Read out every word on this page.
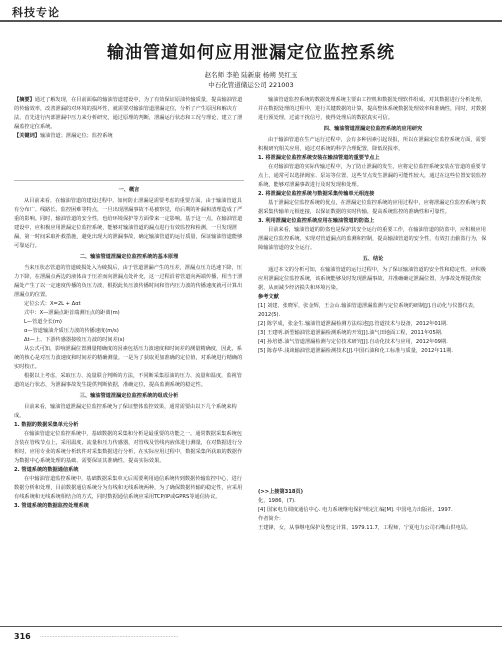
科技专论
输油管道如何应用泄漏定位监控系统
赵名师 李艳 陆新康 杨朔 吴红玉
中石化管道储运公司 221003

【摘要】通过了解发现，在目前面临的输油管道建设中，为了有效保证原油传输质量，提高输油管道的传输效率，改善泄漏的对环境的损坏性，就需要对输油管道泄漏定位，分析了产生原因和解决方法，首先进行内部泄漏中压力来分析研究，通过原理的判断，泄漏运行状态和工况与理论，建立了泄漏监控定位系统。

【关键词】输油管道；泄漏定位；监控系统

一、概言

从目前来看，在输油管道的建设过程中，如何防止泄漏是需要考虑的重要方面，由于输油管道具有分布广、线路长、监控困难等特点，一旦出现泄漏事故不易被察觉，给后期的补漏和清理造成了严重的影响。同时，输油管道的安全性，也给环境保护等方面带来一定影响。基于这一点，在输油管道建设中，应积极应用泄漏定位监控系统，能够对输油管道的漏点进行有效监控和检测，一旦发现泄漏，第一时间采取补救措施，避免出现大的泄漏事故，确定输油管道的运行质量，保证输油管道能够可靠运行。

二、输油管道泄漏定位监控系统的基本原理

当来压状态管道的管道破损处入为破损后，由于管道泄漏产生的压差，泄漏点压力迅速下降，压力下降，在泄漏点两边的液体由于压差而向泄漏点处补充，这一过程沿着管道向两端传播，相当于泄漏处产生了以一定速度传播的负压力波，根据此负压波传播时间和管内压力波的传播速度就可计算出泄漏点的位置。

定位公式：X=2L + Δαt

式中：X—泄漏点距首端测压点的距离(m)

L—管道全长(m)

α—管道输油介质压力波的传播速度(m/s)

Δt—上、下游传感器接收压力波的时间差(s)

从公式可知，影响泄漏位置测量精确度的因素包括压力波速度和时间差的测量精确度，因此，系统的核心是对压力波速度和时间差的精确测量。一是为了获取更加准确的定位值，对系统进行精确的实时校正。

根据以上考虑，采取压力、流量联合判断的方法，不同断采集原油的压力、流量和温度，监视管道的运行状态，为泄漏事故发生提供判断依据，准确定位，提高监测系统的稳定性。

三、输油管道泄漏定位监控系统的组成分析

目前来看，输油管道泄漏定位监控系统为了保证整体监控效果，通常需要由以下几个系统来构成。

1. 数据的数据采集单元分析

在输油管道定位监控系统中，基础数据的采集和分析是最重要的功能之一。通常数据采集系统包含装在管线节点上，采用温度、流量和压力传感器，对管线及管线内液体进行测量，在对数据进行分析时，应用专业的系统分析软件对采集数据进行分析，在实际应用过程中，数据采集所获取的数据作为数据中心系统处理的基础，需要保证其准确性，提高实际效果。

2. 管道系统的数据通信系统

在中输油管道监控系统中，基础数据采集单元后需要利用通信系统传到数据传输监控中心，进行数据分析和处理，目前数据通信系统分为有线和无线系统两种，为了确保数据传输的稳定性，应采用有线系统和无线系统相结合的方式，同时数据通信系统应采用TCP/IP或GPRS等通信协议。

3. 管道系统的数据监控处理系统

输油管道监控系统的数据处理系统主要由工控机和数据处理软件组成，对其数据进行分析处理，并在数据处理的过程中，进行关键数据的计算，提高整体系统数据处理效率和准确性，同时，对数据进行预处理，过滤干扰信号，使得处理后的数据真实可信。

四、输油管道泄漏定位监控系统的应用研究

由于输油管道在生产运行过程中，会有多种因素引起误报，所以在泄漏定位监控系统方面，需要积极研究相关应用，通过对系统的科学合理配置，降低误报率。

1. 将泄漏定位监控系统安装在输油管道的重要节点上

在对输油管道的实际传输过程中，为了防止泄漏的发生，应将定位监控系统安装在管道的重要节点上，通常可以选择阀室、泵站等位置，这些节点发生泄漏的可能性较大，通过在这些位置安装监控系统，能够对泄漏事故进行及时发现和处理。

2. 将泄漏定位监控系统与数据采集传输单元相连接

基于泄漏定位监控系统的优点，在泄漏定位监控系统的应用过程中，应将泄漏定位监控系统与数据采集传输单元相连接，以保证数据的实时传输，提高系统监控的准确性和可靠性。

3. 利用泄漏定位监控系统应用在输油管道的防盗上

目前来看，输油管道的防盗也是保护其安全运行的重要工作，在输油管道的防盗中，应积极应用泄漏定位监控系统，实现对管道漏点的监测和控制，提高输油管道的安全性，有效打击偷盗行为，保障输油管道的安全运行。

五、结论

通过本文的分析可知，在输油管道的运行过程中，为了保证输油管道的安全性和稳定性，应积极应用泄漏定位监控系统，该系统能够及时发现泄漏事故，并准确确定泄漏位置，为事故处理提供依据，从而减少经济损失和环境污染。

参考文献

[1] 刘建，张晓军，张金辉，王会山.输油管道泄漏监测与定位系统的研制[J].自动化与仪器仪表，2012(5).

[2] 陈学成，张金生.输油管道泄漏检测方法综述[J].管道技术与设备，2012年01期.

[3] 王建明.新型输油管道泄漏检测系统的开发[J].油气田地面工程，2011年05期.

[4] 孙培德.油气管道泄漏检测与定位技术研究[J].自动化技术与应用，2012年09期.

[5] 陈春华.浅谈输油管道泄漏检测技术[J].中国石油和化工标准与质量，2012年11期.

(>>上接第318页)
化，1986，(7).
[4] 国家电力调度通信中心. 电力系统继电保护规定汇编[M]. 中国电力出版社，1997.
作者简介：
王建锋，女，从事继电保护及整定计算，1979.11.7，工程师，宁夏电力公司石嘴山供电局。
316 ·······················································································
